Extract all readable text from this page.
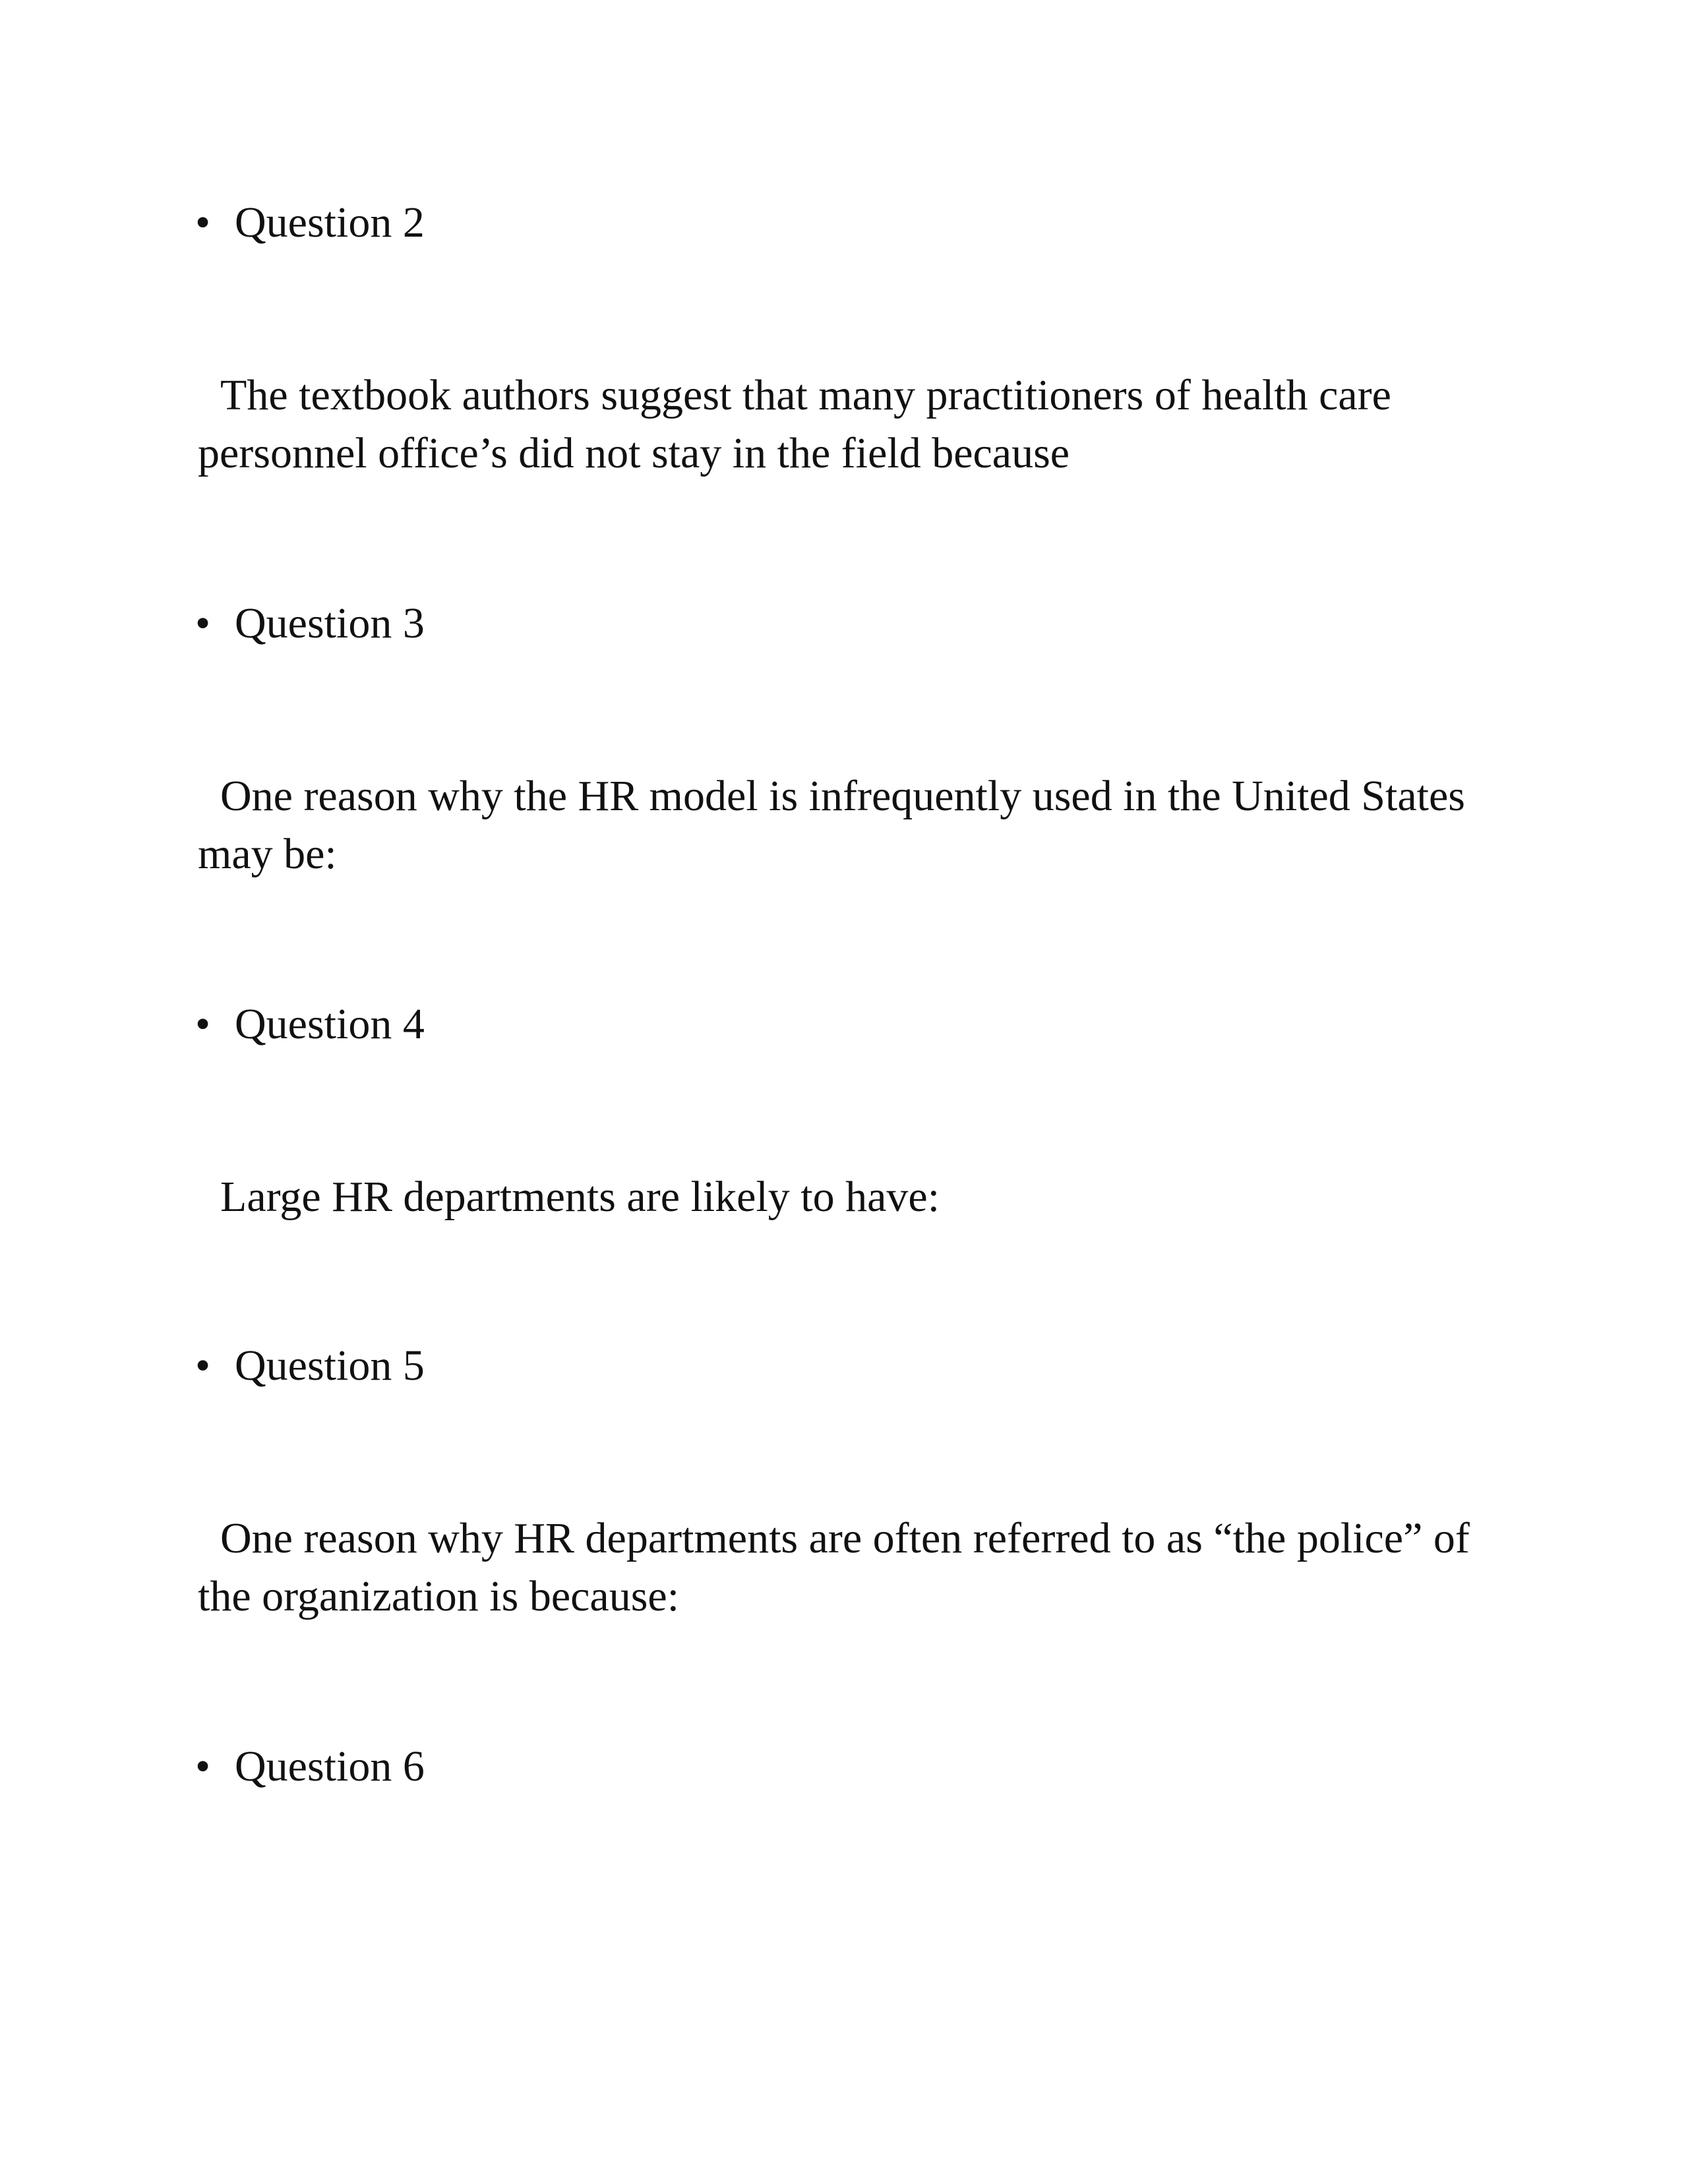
• Question 2
The textbook authors suggest that many practitioners of health care personnel office’s did not stay in the field because
• Question 3
One reason why the HR model is infrequently used in the United States may be:
• Question 4
Large HR departments are likely to have:
• Question 5
One reason why HR departments are often referred to as “the police” of the organization is because:
• Question 6
